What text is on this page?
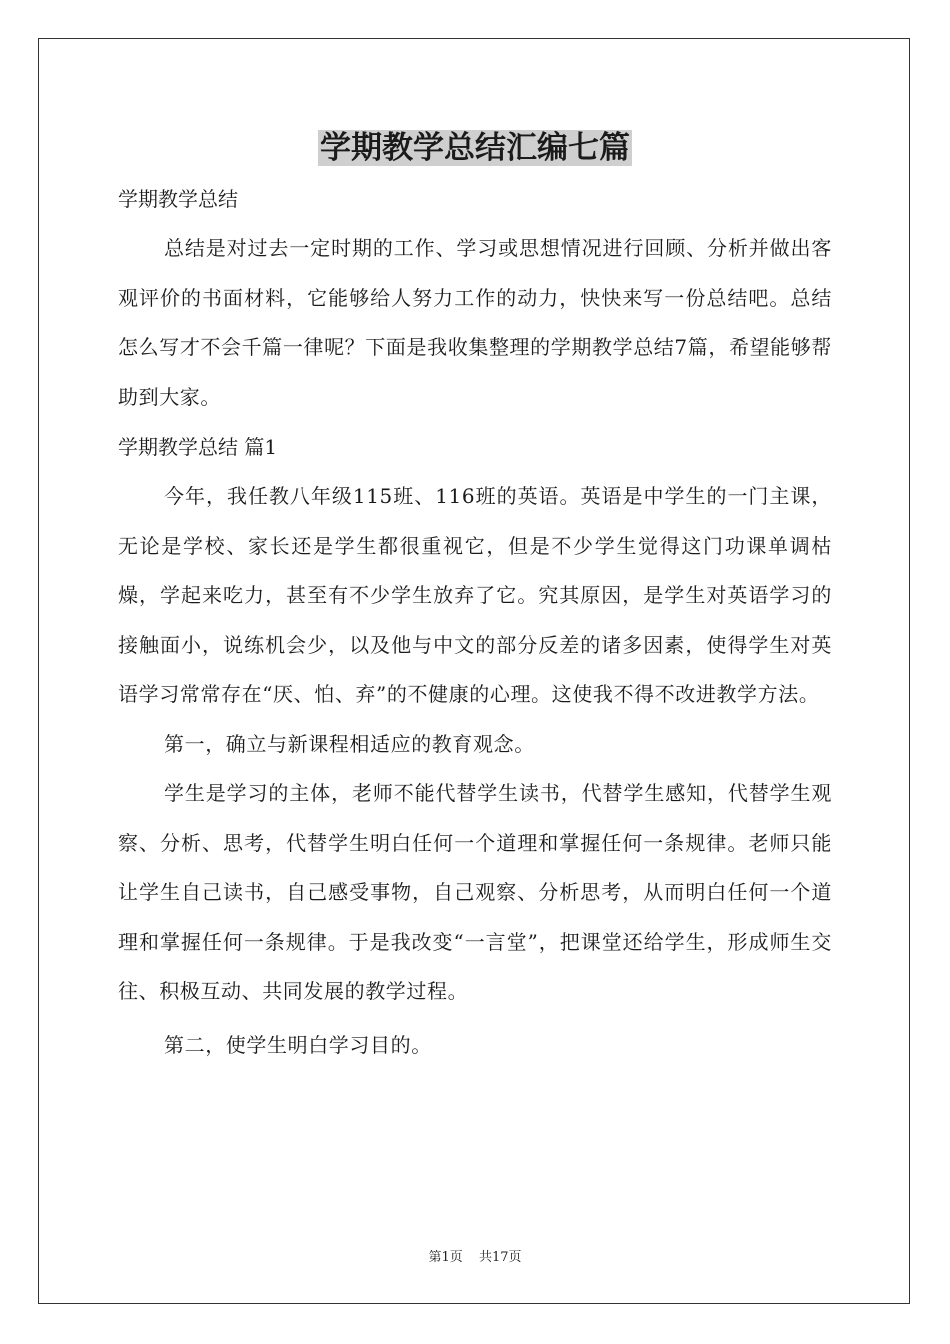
学期教学总结汇编七篇

学期教学总结

总结是对过去一定时期的工作、学习或思想情况进行回顾、分析并做出客观评价的书面材料，它能够给人努力工作的动力，快快来写一份总结吧。总结怎么写才不会千篇一律呢？下面是我收集整理的学期教学总结7篇，希望能够帮助到大家。

学期教学总结 篇1

今年，我任教八年级115班、116班的英语。英语是中学生的一门主课，无论是学校、家长还是学生都很重视它，但是不少学生觉得这门功课单调枯燥，学起来吃力，甚至有不少学生放弃了它。究其原因，是学生对英语学习的接触面小，说练机会少，以及他与中文的部分反差的诸多因素，使得学生对英语学习常常存在“厌、怕、弃”的不健康的心理。这使我不得不改进教学方法。

第一，确立与新课程相适应的教育观念。

学生是学习的主体，老师不能代替学生读书，代替学生感知，代替学生观察、分析、思考，代替学生明白任何一个道理和掌握任何一条规律。老师只能让学生自己读书，自己感受事物，自己观察、分析思考，从而明白任何一个道理和掌握任何一条规律。于是我改变“一言堂”，把课堂还给学生，形成师生交往、积极互动、共同发展的教学过程。

第二，使学生明白学习目的。

第1页 共17页
